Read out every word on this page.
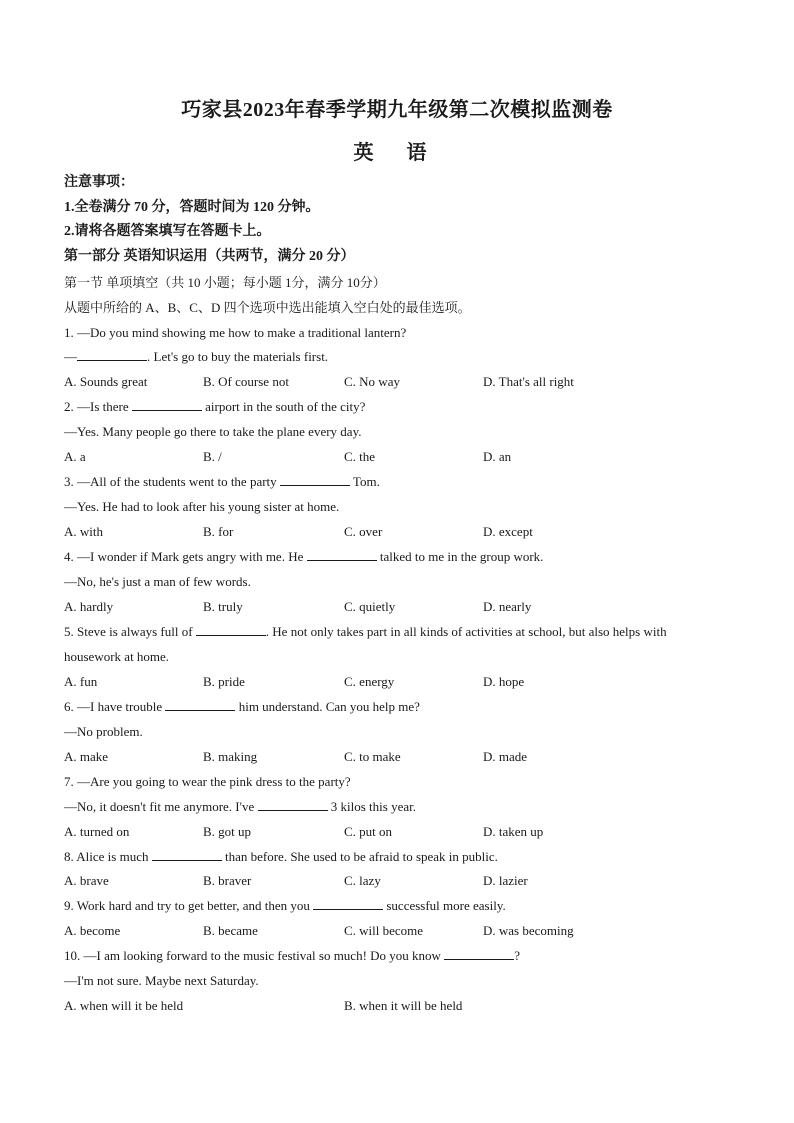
巧家县2023年春季学期九年级第二次模拟监测卷
英 语
注意事项：
1.全卷满分 70 分，答题时间为 120 分钟。
2.请将各题答案填写在答题卡上。
第一部分 英语知识运用（共两节，满分 20 分）
第一节 单项填空（共 10 小题；每小题 1分，满分 10分）
从题中所给的 A、B、C、D 四个选项中选出能填入空白处的最佳选项。
1. —Do you mind showing me how to make a traditional lantern?
—	. Let's go to buy the materials first.
A. Sounds great	B. Of course not	C. No way	D. That's all right
2. —Is there	airport in the south of the city?
—Yes. Many people go there to take the plane every day.
A. a	B. /	C. the	D. an
3. —All of the students went to the party	Tom.
—Yes. He had to look after his young sister at home.
A. with	B. for	C. over	D. except
4. —I wonder if Mark gets angry with me. He	talked to me in the group work.
—No, he's just a man of few words.
A. hardly	B. truly	C. quietly	D. nearly
5. Steve is always full of	. He not only takes part in all kinds of activities at school, but also helps with
housework at home.
A. fun	B. pride	C. energy	D. hope
6. —I have trouble	him understand. Can you help me?
—No problem.
A. make	B. making	C. to make	D. made
7. —Are you going to wear the pink dress to the party?
—No, it doesn't fit me anymore. I've	3 kilos this year.
A. turned on	B. got up	C. put on	D. taken up
8. Alice is much	than before. She used to be afraid to speak in public.
A. brave	B. braver	C. lazy	D. lazier
9. Work hard and try to get better, and then you	successful more easily.
A. become	B. became	C. will become	D. was becoming
10. —I am looking forward to the music festival so much! Do you know	?
—I'm not sure. Maybe next Saturday.
A. when will it be held	B. when it will be held
